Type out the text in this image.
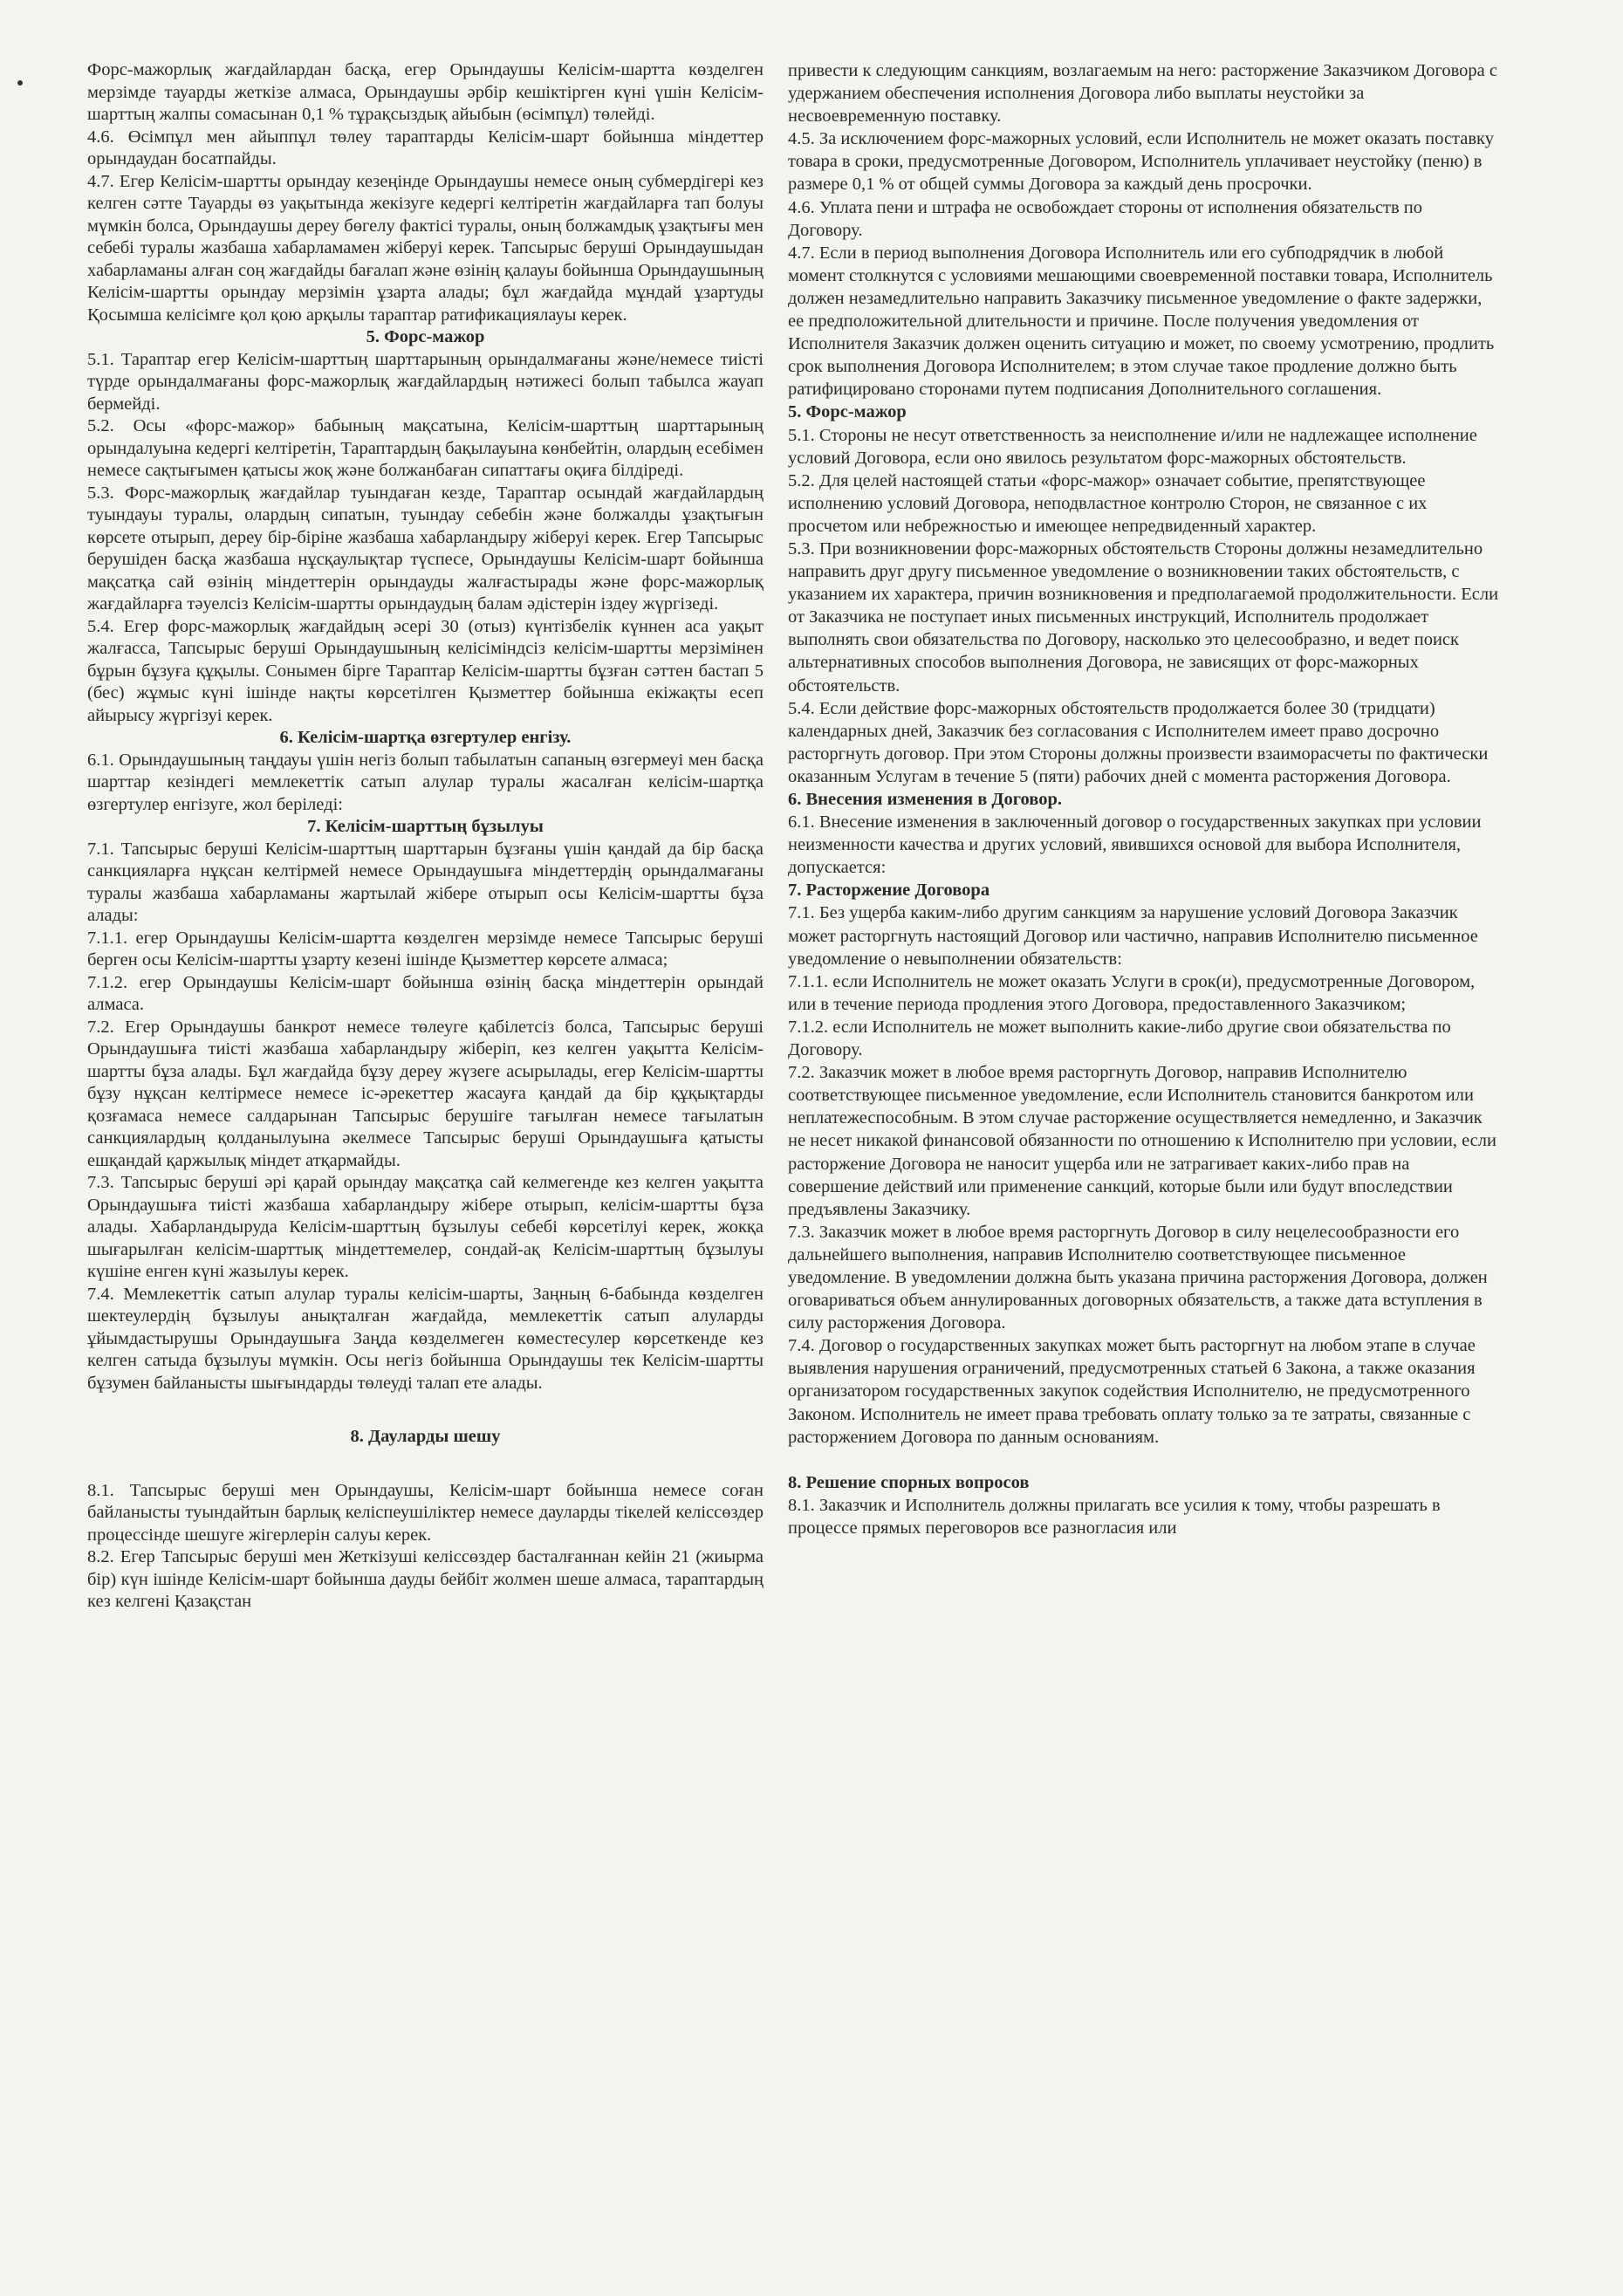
Форс-мажорлық жағдайлардан басқа, егер Орындаушы Келісім-шартта көзделген мерзімде тауарды жеткізе алмаса, Орындаушы әрбір кешіктірген күні үшін Келісім-шарттың жалпы сомасынан 0,1 % тұрақсыздық айыбын (өсімпұл) төлейді.

4.6. Өсімпұл мен айыппұл төлеу тараптарды Келісім-шарт бойынша міндеттер орындаудан босатпайды.

4.7. Егер Келісім-шартты орындау кезеңінде Орындаушы немесе оның субмердігері кез келген сәтте Тауарды өз уақытында жекізуге кедергі келтіретін жағдайларға тап болуы мүмкін болса, Орындаушы дереу бөгелу фактісі туралы, оның болжамдық ұзақтығы мен себебі туралы жазбаша хабарламамен жіберуі керек. Тапсырыс беруші Орындаушыдан хабарламаны алған соң жағдайды бағалап және өзінің қалауы бойынша Орындаушының Келісім-шартты орындау мерзімін ұзарта алады; бұл жағдайда мұндай ұзартуды Қосымша келісімге қол қою арқылы тараптар ратификациялауы керек.

5. Форс-мажор

5.1. Тараптар егер Келісім-шарттың шарттарының орындалмағаны және/немесе тиісті түрде орындалмағаны форс-мажорлық жағдайлардың нәтижесі болып табылса жауап бермейді.

5.2. Осы «форс-мажор» бабының мақсатына, Келісім-шарттың шарттарының орындалуына кедергі келтіретін, Тараптардың бақылауына көнбейтін, олардың есебімен немесе сақтығымен қатысы жоқ және болжанбаған сипаттағы оқиға білдіреді.

5.3. Форс-мажорлық жағдайлар туындаған кезде, Тараптар осындай жағдайлардың туындауы туралы, олардың сипатын, туындау себебін және болжалды ұзақтығын көрсете отырып, дереу бір-біріне жазбаша хабарландыру жіберуі керек. Егер Тапсырыс берушіден басқа жазбаша нұсқаулықтар түспесе, Орындаушы Келісім-шарт бойынша мақсатқа сай өзінің міндеттерін орындауды жалғастырады және форс-мажорлық жағдайларға тәуелсіз Келісім-шартты орындаудың балам әдістерін іздеу жүргізеді.

5.4. Егер форс-мажорлық жағдайдың әсері 30 (отыз) күнтізбелік күннен аса уақыт жалғасса, Тапсырыс беруші Орындаушының келісіміндсіз келісім-шартты мерзімінен бұрын бұзуға құқылы. Сонымен бірге Тараптар Келісім-шартты бұзған сәттен бастап 5 (бес) жұмыс күні ішінде нақты көрсетілген Қызметтер бойынша екіжақты есеп айырысу жүргізуі керек.

6. Келісім-шартқа өзгертулер енгізу.

6.1. Орындаушының таңдауы үшін негіз болып табылатын сапаның өзгермеуі мен басқа шарттар кезіндегі мемлекеттік сатып алулар туралы жасалған келісім-шартқа өзгертулер енгізуге, жол беріледі:

7. Келісім-шарттың бұзылуы

7.1. Тапсырыс беруші Келісім-шарттың шарттарын бұзғаны үшін қандай да бір басқа санкцияларға нұқсан келтірмей немесе Орындаушыға міндеттердің орындалмағаны туралы жазбаша хабарламаны жартылай жібере отырып осы Келісім-шартты бұза алады:

7.1.1. егер Орындаушы Келісім-шартта көзделген мерзімде немесе Тапсырыс беруші берген осы Келісім-шартты ұзарту кезені ішінде Қызметтер көрсете алмаса;

7.1.2. егер Орындаушы Келісім-шарт бойынша өзінің басқа міндеттерін орындай алмаса.

7.2. Егер Орындаушы банкрот немесе төлеуге қабілетсіз болса, Тапсырыс беруші Орындаушыға тиісті жазбаша хабарландыру жіберіп, кез келген уақытта Келісім-шартты бұза алады. Бұл жағдайда бұзу дереу жүзеге асырылады, егер Келісім-шартты бұзу нұқсан келтірмесе немесе іс-әрекеттер жасауға қандай да бір құқықтарды қозғамаса немесе салдарынан Тапсырыс берушіге тағылған немесе тағылатын санкциялардың қолданылуына әкелмесе Тапсырыс беруші Орындаушыға қатысты ешқандай қаржылық міндет атқармайды.

7.3. Тапсырыс беруші әрі қарай орындау мақсатқа сай келмегенде кез келген уақытта Орындаушыға тиісті жазбаша хабарландыру жібере отырып, келісім-шартты бұза алады. Хабарландыруда Келісім-шарттың бұзылуы себебі көрсетілуі керек, жокқа шығарылған келісім-шарттық міндеттемелер, сондай-ақ Келісім-шарттың бұзылуы күшіне енген күні жазылуы керек.

7.4. Мемлекеттік сатып алулар туралы келісім-шарты, Заңның 6-бабында көзделген шектеулердің бұзылуы анықталған жағдайда, мемлекеттік сатып алуларды ұйымдастырушы Орындаушыға Заңда көзделмеген көместесулер көрсеткенде кез келген сатыда бұзылуы мүмкін. Осы негіз бойынша Орындаушы тек Келісім-шартты бұзумен байланысты шығындарды төлеуді талап ете алады.

8. Дауларды шешу

8.1. Тапсырыс беруші мен Орындаушы, Келісім-шарт бойынша немесе соған байланысты туындайтын барлық келіспеушіліктер немесе дауларды тікелей келіссөздер процессінде шешуге жігерлерін салуы керек.

8.2. Егер Тапсырыс беруші мен Жеткізуші келіссөздер басталғаннан кейін 21 (жиырма бір) күн ішінде Келісім-шарт бойынша дауды бейбіт жолмен шеше алмаса, тараптардың кез келгені Қазақстан

привести к следующим санкциям, возлагаемым на него: расторжение Заказчиком Договора с удержанием обеспечения исполнения Договора либо выплаты неустойки за несвоевременную поставку.

4.5. За исключением форс-мажорных условий, если Исполнитель не может оказать поставку товара в сроки, предусмотренные Договором, Исполнитель уплачивает неустойку (пеню) в размере 0,1 % от общей суммы Договора за каждый день просрочки.

4.6. Уплата пени и штрафа не освобождает стороны от исполнения обязательств по Договору.

4.7. Если в период выполнения Договора Исполнитель или его субподрядчик в любой момент столкнутся с условиями мешающими своевременной поставки товара, Исполнитель должен незамедлительно направить Заказчику письменное уведомление о факте задержки, ее предположительной длительности и причине. После получения уведомления от Исполнителя Заказчик должен оценить ситуацию и может, по своему усмотрению, продлить срок выполнения Договора Исполнителем; в этом случае такое продление должно быть ратифицировано сторонами путем подписания Дополнительного соглашения.

5. Форс-мажор

5.1. Стороны не несут ответственность за неисполнение и/или не надлежащее исполнение условий Договора, если оно явилось результатом форс-мажорных обстоятельств.

5.2. Для целей настоящей статьи «форс-мажор» означает событие, препятствующее исполнению условий Договора, неподвластное контролю Сторон, не связанное с их просчетом или небрежностью и имеющее непредвиденный характер.

5.3. При возникновении форс-мажорных обстоятельств Стороны должны незамедлительно направить друг другу письменное уведомление о возникновении таких обстоятельств, с указанием их характера, причин возникновения и предполагаемой продолжительности. Если от Заказчика не поступает иных письменных инструкций, Исполнитель продолжает выполнять свои обязательства по Договору, насколько это целесообразно, и ведет поиск альтернативных способов выполнения Договора, не зависящих от форс-мажорных обстоятельств.

5.4. Если действие форс-мажорных обстоятельств продолжается более 30 (тридцати) календарных дней, Заказчик без согласования с Исполнителем имеет право досрочно расторгнуть договор. При этом Стороны должны произвести взаиморасчеты по фактически оказанным Услугам в течение 5 (пяти) рабочих дней с момента расторжения Договора.

6. Внесения изменения в Договор.

6.1. Внесение изменения в заключенный договор о государственных закупках при условии неизменности качества и других условий, явившихся основой для выбора Исполнителя, допускается:

7. Расторжение Договора

7.1. Без ущерба каким-либо другим санкциям за нарушение условий Договора Заказчик может расторгнуть настоящий Договор или частично, направив Исполнителю письменное уведомление о невыполнении обязательств:

7.1.1. если Исполнитель не может оказать Услуги в срок(и), предусмотренные Договором, или в течение периода продления этого Договора, предоставленного Заказчиком;

7.1.2. если Исполнитель не может выполнить какие-либо другие свои обязательства по Договору.

7.2. Заказчик может в любое время расторгнуть Договор, направив Исполнителю соответствующее письменное уведомление, если Исполнитель становится банкротом или неплатежеспособным. В этом случае расторжение осуществляется немедленно, и Заказчик не несет никакой финансовой обязанности по отношению к Исполнителю при условии, если расторжение Договора не наносит ущерба или не затрагивает каких-либо прав на совершение действий или применение санкций, которые были или будут впоследствии предъявлены Заказчику.

7.3. Заказчик может в любое время расторгнуть Договор в силу нецелесообразности его дальнейшего выполнения, направив Исполнителю соответствующее письменное уведомление. В уведомлении должна быть указана причина расторжения Договора, должен оговариваться объем аннулированных договорных обязательств, а также дата вступления в силу расторжения Договора.

7.4. Договор о государственных закупках может быть расторгнут на любом этапе в случае выявления нарушения ограничений, предусмотренных статьей 6 Закона, а также оказания организатором государственных закупок содействия Исполнителю, не предусмотренного Законом. Исполнитель не имеет права требовать оплату только за те затраты, связанные с расторжением Договора по данным основаниям.

8. Решение спорных вопросов

8.1. Заказчик и Исполнитель должны прилагать все усилия к тому, чтобы разрешать в процессе прямых переговоров все разногласия или
